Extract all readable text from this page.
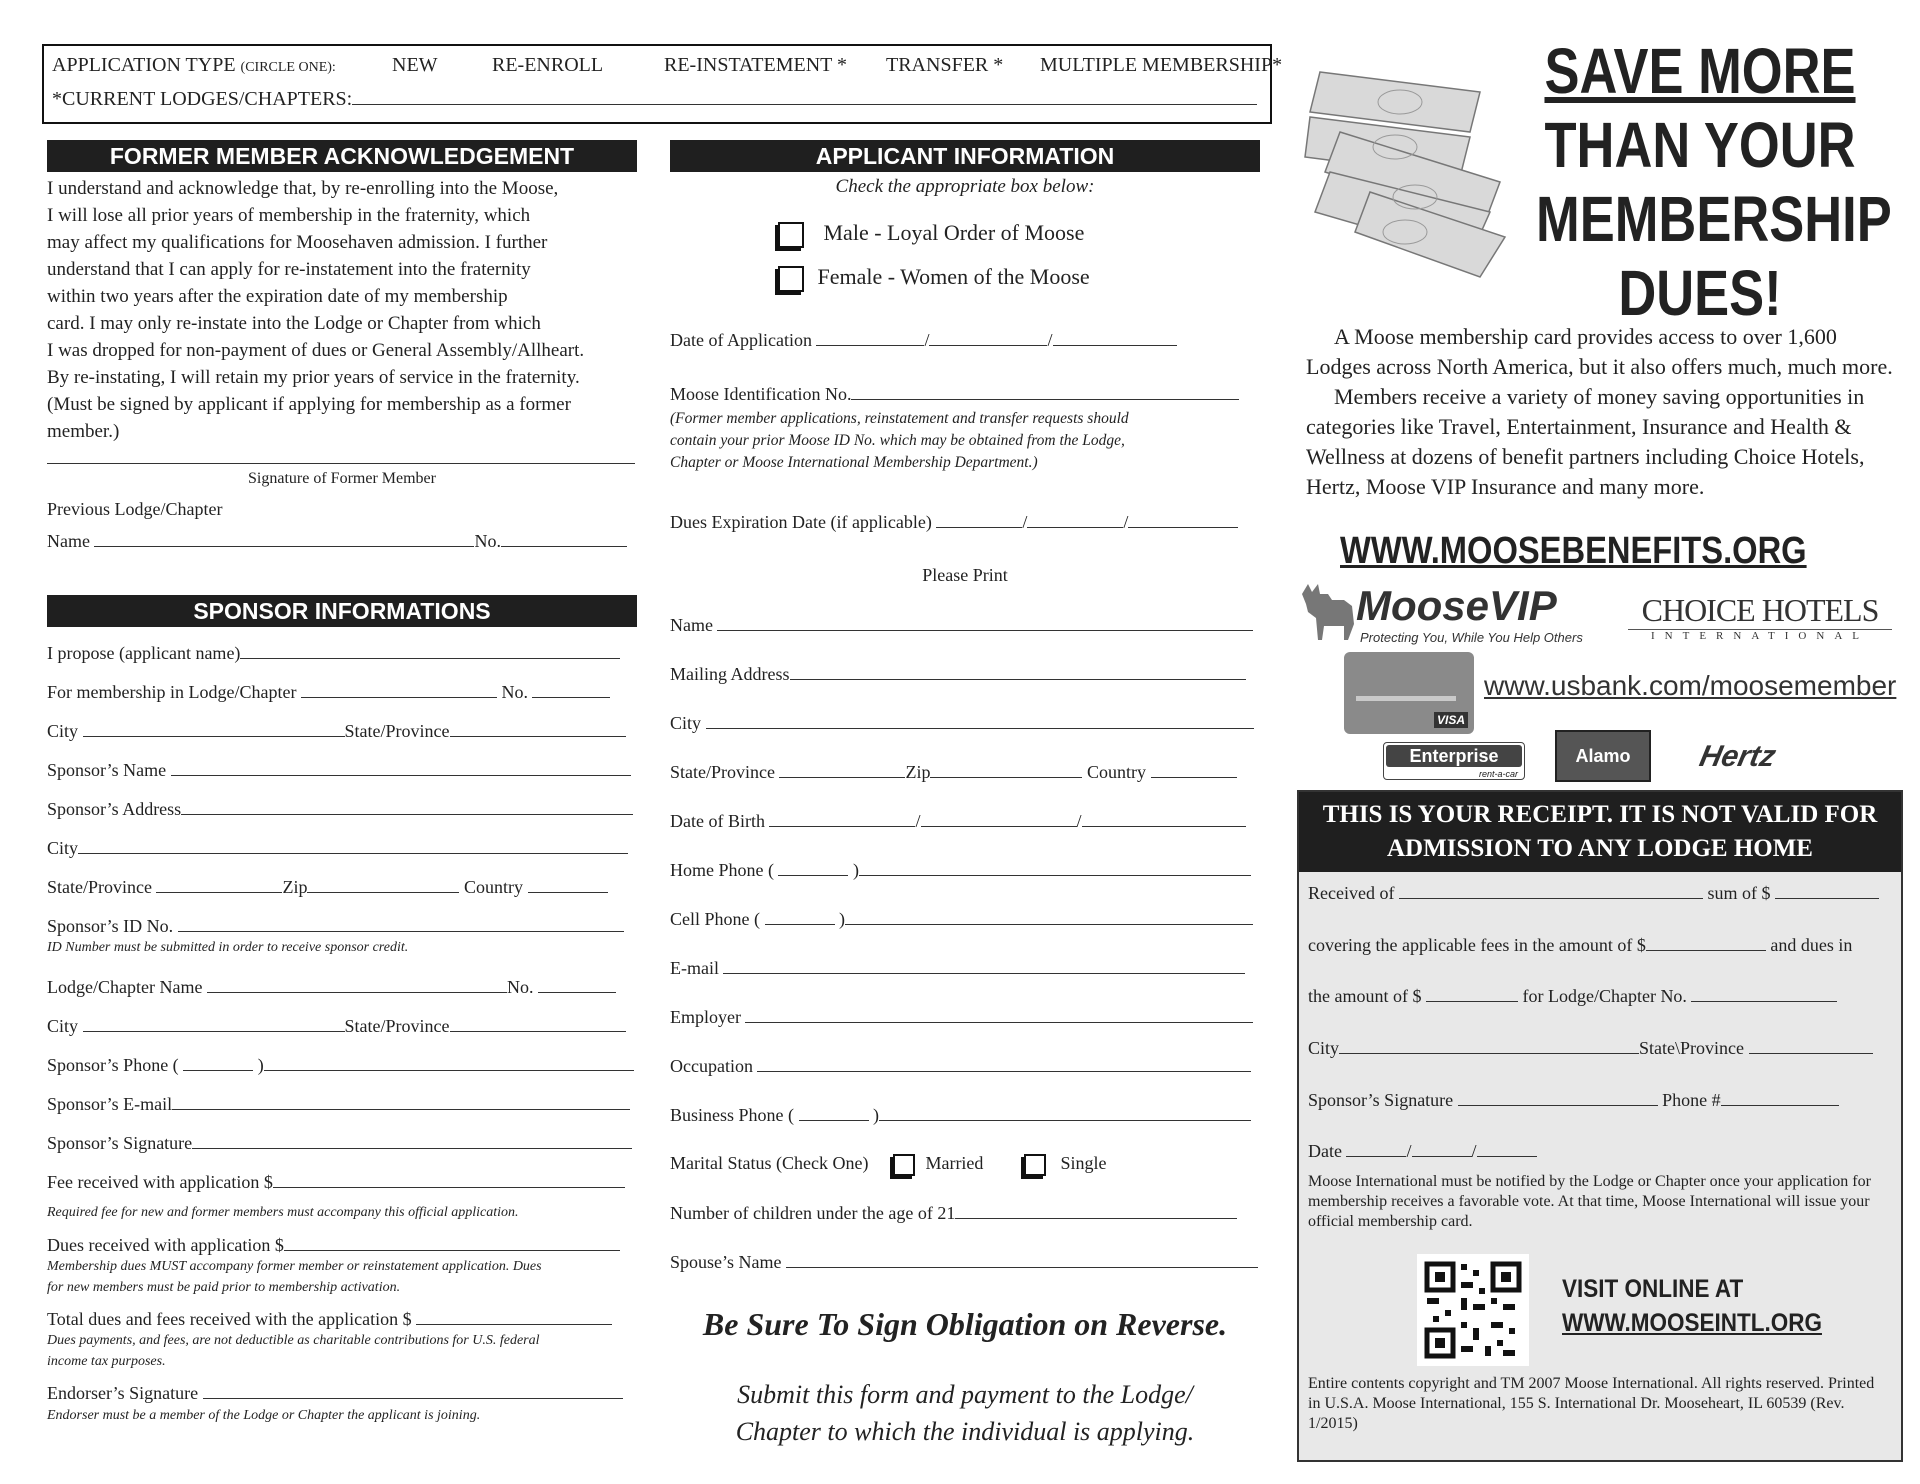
APPLICATION TYPE (CIRCLE ONE):	NEW	RE-ENROLL	RE-INSTATEMENT * TRANSFER * MULTIPLE MEMBERSHIP*
*CURRENT LODGES/CHAPTERS:
FORMER MEMBER ACKNOWLEDGEMENT
I understand and acknowledge that, by re-enrolling into the Moose,
I will lose all prior years of membership in the fraternity, which
may affect my qualifications for Moosehaven admission. I further
understand that I can apply for re-instatement into the fraternity
within two years after the expiration date of my membership
card. I may only re-instate into the Lodge or Chapter from which
I was dropped for non-payment of dues or General Assembly/Allheart.
By re-instating, I will retain my prior years of service in the fraternity.
(Must be signed by applicant if applying for membership as a former
member.)
Signature of Former Member
Previous Lodge/Chapter
Name	No.
SPONSOR INFORMATIONS
I propose (applicant name)
For membership in Lodge/Chapter	No.
City	State/Province
Sponsor’s Name
Sponsor’s Address
City
State/Province	Zip	Country
Sponsor’s ID No.
ID Number must be submitted in order to receive sponsor credit.
Lodge/Chapter Name	No.
City	State/Province
Sponsor’s Phone (	)
Sponsor’s E-mail
Sponsor’s Signature
Fee received with application $
Required fee for new and former members must accompany this official application.
Dues received with application $
Membership dues MUST accompany former member or reinstatement application. Dues
for new members must be paid prior to membership activation.
Total dues and fees received with the application $
Dues payments, and fees, are not deductible as charitable contributions for U.S. federal
income tax purposes.
Endorser’s Signature
Endorser must be a member of the Lodge or Chapter the applicant is joining.
APPLICANT INFORMATION
Check the appropriate box below:
Male - Loyal Order of Moose
Female - Women of the Moose
Date of Application	/	/
Moose Identification No.
(Former member applications, reinstatement and transfer requests should
contain your prior Moose ID No. which may be obtained from the Lodge,
Chapter or Moose International Membership Department.)
Dues Expiration Date (if applicable)	/	/
Please Print
Name
Mailing Address
City
State/Province	Zip	Country
Date of Birth	/	/
Home Phone (	)
Cell Phone (	)
E-mail
Employer
Occupation
Business Phone (	)
Marital Status (Check One)	Married	Single
Number of children under the age of 21
Spouse’s Name
Be Sure To Sign Obligation on Reverse.
Submit this form and payment to the Lodge/
Chapter to which the individual is applying.
SAVE MORE
THAN YOUR
MEMBERSHIP
DUES!

A Moose membership card provides access to over 1,600 Lodges across North America, but it also offers much, much more.

Members receive a variety of money saving opportunities in categories like Travel, Entertainment, Insurance and Health & Wellness at dozens of benefit partners including Choice Hotels, Hertz, Moose VIP Insurance and many more.

WWW.MOOSEBENEFITS.ORG
MooseVIP
Protecting You, While You Help Others
CHOICE HOTELS
INTERNATIONAL
VISA
www.usbank.com/moosemember
Enterprise
rent-a-car
Alamo	Hertz
THIS IS YOUR RECEIPT. IT IS NOT VALID FOR
ADMISSION TO ANY LODGE HOME
Received of	sum of $
covering the applicable fees in the amount of $	and dues in
the amount of $	for Lodge/Chapter No.
City	State\Province
Sponsor’s Signature	Phone #
Date	/	/
Moose International must be notified by the Lodge or Chapter once your application for membership receives a favorable vote. At that time, Moose International will issue your official membership card.
VISIT ONLINE AT
WWW.MOOSEINTL.ORG
Entire contents copyright and TM 2007 Moose International. All rights reserved. Printed in U.S.A. Moose International, 155 S. International Dr. Mooseheart, IL 60539 (Rev. 1/2015)
